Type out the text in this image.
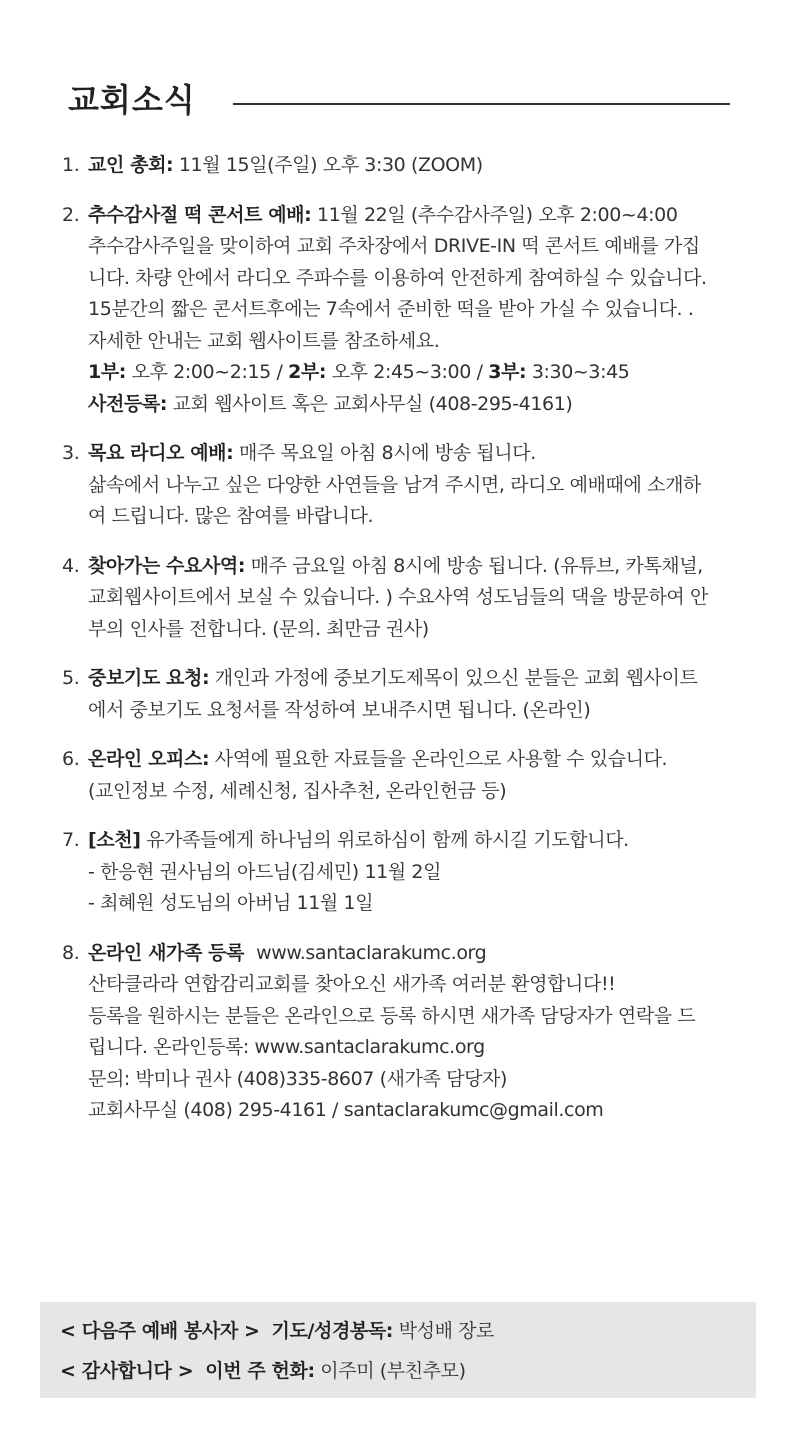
교회소식
1. 교인 총회: 11월 15일(주일) 오후 3:30 (ZOOM)
2. 추수감사절 떡 콘서트 예배: 11월 22일 (추수감사주일) 오후 2:00~4:00
추수감사주일을 맞이하여 교회 주차장에서 DRIVE-IN 떡 콘서트 예배를 가집
니다. 차량 안에서 라디오 주파수를 이용하여 안전하게 참여하실 수 있습니다.
15분간의 짧은 콘서트후에는 7속에서 준비한 떡을 받아 가실 수 있습니다. .
자세한 안내는 교회 웹사이트를 참조하세요.
1부: 오후 2:00~2:15 / 2부: 오후 2:45~3:00 / 3부: 3:30~3:45
사전등록: 교회 웹사이트 혹은 교회사무실 (408-295-4161)
3. 목요 라디오 예배: 매주 목요일 아침 8시에 방송 됩니다.
삶속에서 나누고 싶은 다양한 사연들을 남겨 주시면, 라디오 예배때에 소개하
여 드립니다. 많은 참여를 바랍니다.
4. 찾아가는 수요사역: 매주 금요일 아침 8시에 방송 됩니다. (유튜브, 카톡채널,
교회웹사이트에서 보실 수 있습니다. ) 수요사역 성도님들의 댁을 방문하여 안
부의 인사를 전합니다. (문의. 최만금 권사)
5. 중보기도 요청: 개인과 가정에 중보기도제목이 있으신 분들은 교회 웹사이트
에서 중보기도 요청서를 작성하여 보내주시면 됩니다. (온라인)
6. 온라인 오피스: 사역에 필요한 자료들을 온라인으로 사용할 수 있습니다.
(교인정보 수정, 세례신청, 집사추천, 온라인헌금 등)
7. [소천] 유가족들에게 하나님의 위로하심이 함께 하시길 기도합니다.
- 한응현 권사님의 아드님(김세민) 11월 2일
- 최혜원 성도님의 아버님 11월 1일
8. 온라인 새가족 등록 www.santaclarakumc.org
산타클라라 연합감리교회를 찾아오신 새가족 여러분 환영합니다!!
등록을 원하시는 분들은 온라인으로 등록 하시면 새가족 담당자가 연락을 드
립니다. 온라인등록: www.santaclarakumc.org
문의: 박미나 권사 (408)335-8607 (새가족 담당자)
교회사무실 (408) 295-4161 / santaclarakumc@gmail.com
< 다음주 예배 봉사자 > 기도/성경봉독: 박성배 장로
< 감사합니다 > 이번 주 헌화: 이주미 (부친추모)
